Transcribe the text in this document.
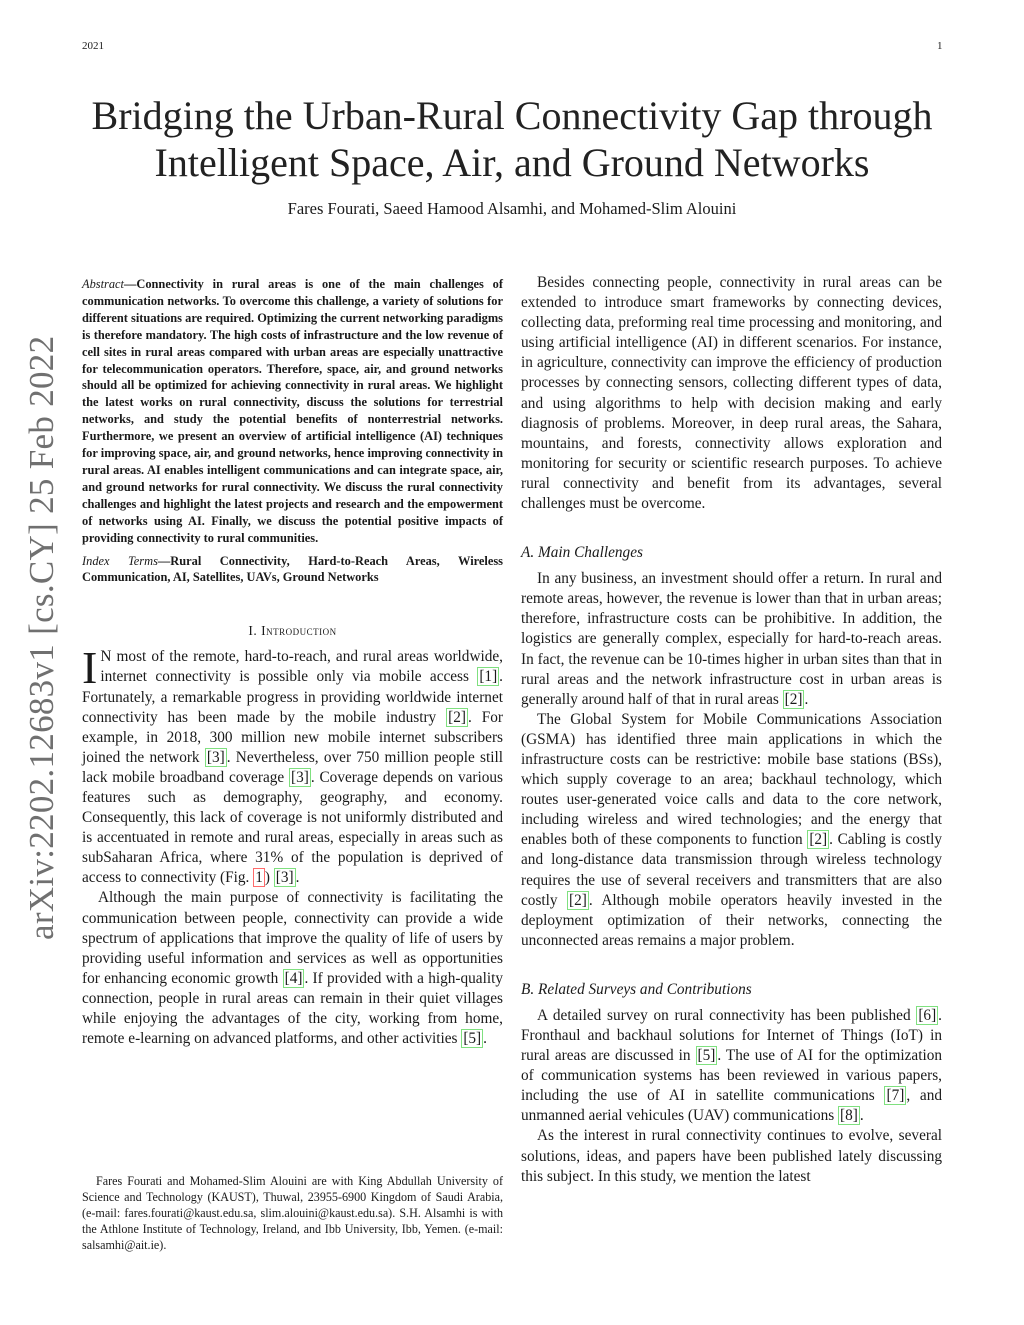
2021	1
Bridging the Urban-Rural Connectivity Gap through
Intelligent Space, Air, and Ground Networks
Fares Fourati, Saeed Hamood Alsamhi, and Mohamed-Slim Alouini
arXiv:2202.12683v1 [cs.CY] 25 Feb 2022

Abstract—Connectivity in rural areas is one of the main challenges of communication networks. To overcome this challenge, a variety of solutions for different situations are required. Optimizing the current networking paradigms is therefore mandatory. The high costs of infrastructure and the low revenue of cell sites in rural areas compared with urban areas are especially unattractive for telecommunication operators. Therefore, space, air, and ground networks should all be optimized for achieving connectivity in rural areas. We highlight the latest works on rural connectivity, discuss the solutions for terrestrial networks, and study the potential benefits of nonterrestrial networks. Furthermore, we present an overview of artificial intelligence (AI) techniques for improving space, air, and ground networks, hence improving connectivity in rural areas. AI enables intelligent communications and can integrate space, air, and ground networks for rural connectivity. We discuss the rural connectivity challenges and highlight the latest projects and research and the empowerment of networks using AI. Finally, we discuss the potential positive impacts of providing connectivity to rural communities.

Index Terms—Rural Connectivity, Hard-to-Reach Areas, Wireless Communication, AI, Satellites, UAVs, Ground Networks

I. Introduction

I N most of the remote, hard-to-reach, and rural areas worldwide, internet connectivity is possible only via mobile access [1] . Fortunately, a remarkable progress in providing worldwide internet connectivity has been made by the mobile industry [2] . For example, in 2018, 300 million new mobile internet subscribers joined the network [3] . Nevertheless, over 750 million people still lack mobile broadband coverage [3] . Coverage depends on various features such as demography, geography, and economy. Consequently, this lack of coverage is not uniformly distributed and is accentuated in remote and rural areas, especially in areas such as subSaharan Africa, where 31% of the population is deprived of access to connectivity (Fig. 1 ) [3] .

Although the main purpose of connectivity is facilitating the communication between people, connectivity can provide a wide spectrum of applications that improve the quality of life of users by providing useful information and services as well as opportunities for enhancing economic growth [4] . If provided with a high-quality connection, people in rural areas can remain in their quiet villages while enjoying the advantages of the city, working from home, remote e-learning on advanced platforms, and other activities [5] .

Fares Fourati and Mohamed-Slim Alouini are with King Abdullah University of Science and Technology (KAUST), Thuwal, 23955-6900 Kingdom of Saudi Arabia, (e-mail: fares.fourati@kaust.edu.sa, slim.alouini@kaust.edu.sa). S.H. Alsamhi is with the Athlone Institute of Technology, Ireland, and Ibb University, Ibb, Yemen. (e-mail: salsamhi@ait.ie).

Besides connecting people, connectivity in rural areas can be extended to introduce smart frameworks by connecting devices, collecting data, preforming real time processing and monitoring, and using artificial intelligence (AI) in different scenarios. For instance, in agriculture, connectivity can improve the efficiency of production processes by connecting sensors, collecting different types of data, and using algorithms to help with decision making and early diagnosis of problems. Moreover, in deep rural areas, the Sahara, mountains, and forests, connectivity allows exploration and monitoring for security or scientific research purposes. To achieve rural connectivity and benefit from its advantages, several challenges must be overcome.

A. Main Challenges

In any business, an investment should offer a return. In rural and remote areas, however, the revenue is lower than that in urban areas; therefore, infrastructure costs can be prohibitive. In addition, the logistics are generally complex, especially for hard-to-reach areas. In fact, the revenue can be 10-times higher in urban sites than that in rural areas and the network infrastructure cost in urban areas is generally around half of that in rural areas [2] .

The Global System for Mobile Communications Association (GSMA) has identified three main applications in which the infrastructure costs can be restrictive: mobile base stations (BSs), which supply coverage to an area; backhaul technology, which routes user-generated voice calls and data to the core network, including wireless and wired technologies; and the energy that enables both of these components to function [2] . Cabling is costly and long-distance data transmission through wireless technology requires the use of several receivers and transmitters that are also costly [2] . Although mobile operators heavily invested in the deployment optimization of their networks, connecting the unconnected areas remains a major problem.

B. Related Surveys and Contributions

A detailed survey on rural connectivity has been published [6] . Fronthaul and backhaul solutions for Internet of Things (IoT) in rural areas are discussed in [5] . The use of AI for the optimization of communication systems has been reviewed in various papers, including the use of AI in satellite communications [7] , and unmanned aerial vehicules (UAV) communications [8] .

As the interest in rural connectivity continues to evolve, several solutions, ideas, and papers have been published lately discussing this subject. In this study, we mention the latest
